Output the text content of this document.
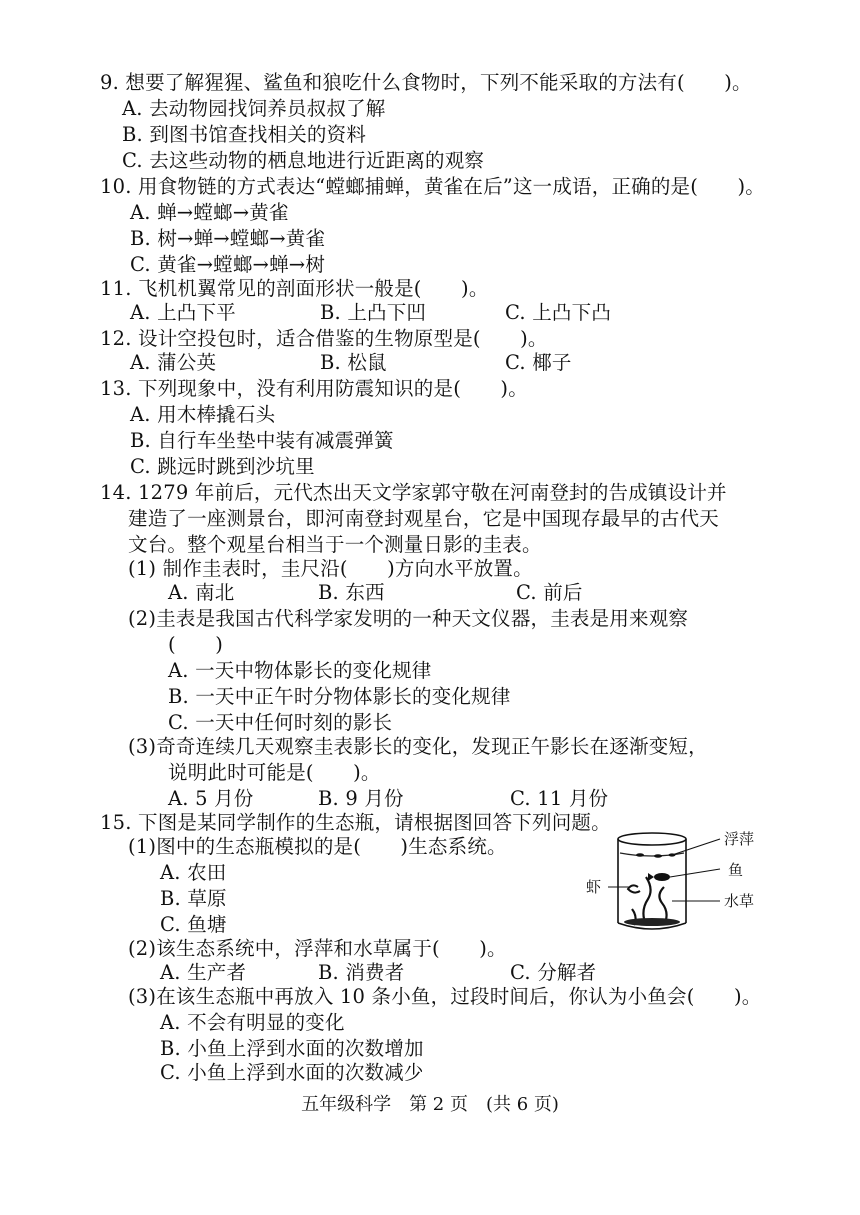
9. 想要了解猩猩、鲨鱼和狼吃什么食物时，下列不能采取的方法有(　　)。
A. 去动物园找饲养员叔叔了解
B. 到图书馆查找相关的资料
C. 去这些动物的栖息地进行近距离的观察
10. 用食物链的方式表达“螳螂捕蝉，黄雀在后”这一成语，正确的是(　　)。
A. 蝉→螳螂→黄雀
B. 树→蝉→螳螂→黄雀
C. 黄雀→螳螂→蝉→树
11. 飞机机翼常见的剖面形状一般是(　　)。
A. 上凸下平	B. 上凸下凹	C. 上凸下凸
12. 设计空投包时，适合借鉴的生物原型是(　　)。
A. 蒲公英	B. 松鼠	C. 椰子
13. 下列现象中，没有利用防震知识的是(　　)。
A. 用木棒撬石头
B. 自行车坐垫中装有减震弹簧
C. 跳远时跳到沙坑里
14. 1279 年前后，元代杰出天文学家郭守敬在河南登封的告成镇设计并
建造了一座测景台，即河南登封观星台，它是中国现存最早的古代天
文台。整个观星台相当于一个测量日影的圭表。
(1) 制作圭表时，圭尺沿(　　)方向水平放置。
A. 南北	B. 东西	C. 前后
(2)圭表是我国古代科学家发明的一种天文仪器，圭表是用来观察
(　　)
A. 一天中物体影长的变化规律
B. 一天中正午时分物体影长的变化规律
C. 一天中任何时刻的影长
(3)奇奇连续几天观察圭表影长的变化，发现正午影长在逐渐变短，
说明此时可能是(　　)。
A. 5 月份	B. 9 月份	C. 11 月份
15. 下图是某同学制作的生态瓶，请根据图回答下列问题。
(1)图中的生态瓶模拟的是(　　)生态系统。
A. 农田
B. 草原
C. 鱼塘
(2)该生态系统中，浮萍和水草属于(　　)。
A. 生产者	B. 消费者	C. 分解者
(3)在该生态瓶中再放入 10 条小鱼，过段时间后，你认为小鱼会(　　)。
A. 不会有明显的变化
B. 小鱼上浮到水面的次数增加
C. 小鱼上浮到水面的次数减少
浮萍
鱼
水草
虾
五年级科学　第 2 页　(共 6 页)
